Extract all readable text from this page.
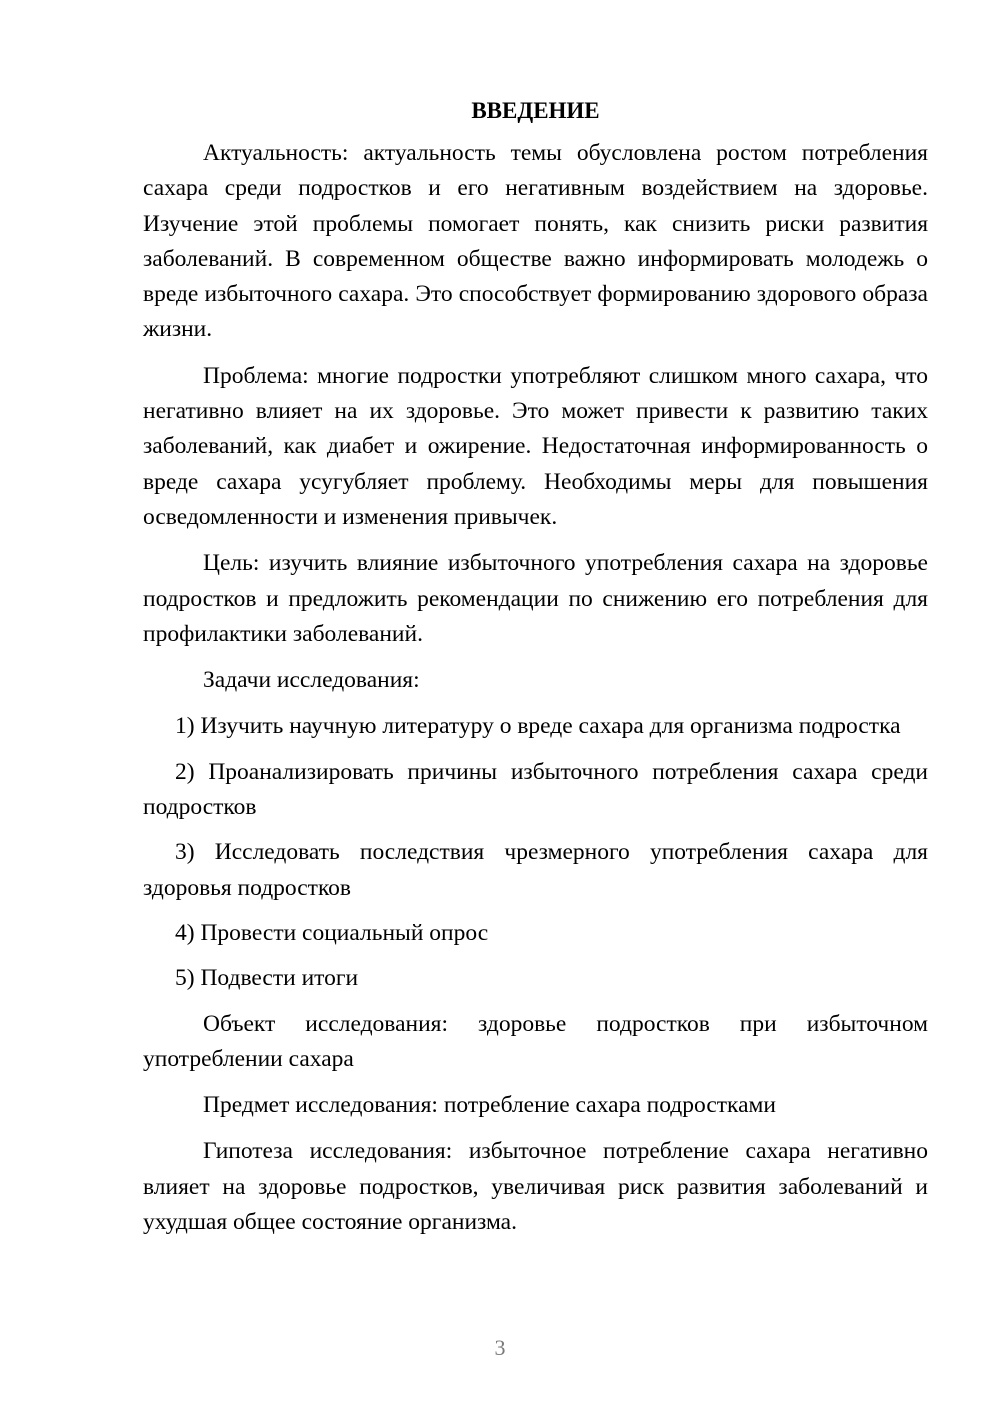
ВВЕДЕНИЕ

Актуальность: актуальность темы обусловлена ростом потребления сахара среди подростков и его негативным воздействием на здоровье. Изучение этой проблемы помогает понять, как снизить риски развития заболеваний. В современном обществе важно информировать молодежь о вреде избыточного сахара. Это способствует формированию здорового образа жизни.

Проблема: многие подростки употребляют слишком много сахара, что негативно влияет на их здоровье. Это может привести к развитию таких заболеваний, как диабет и ожирение. Недостаточная информированность о вреде сахара усугубляет проблему. Необходимы меры для повышения осведомленности и изменения привычек.

Цель: изучить влияние избыточного употребления сахара на здоровье подростков и предложить рекомендации по снижению его потребления для профилактики заболеваний.

Задачи исследования:

1) Изучить научную литературу о вреде сахара для организма подростка

2) Проанализировать причины избыточного потребления сахара среди подростков

3) Исследовать последствия чрезмерного употребления сахара для здоровья подростков

4) Провести социальный опрос

5) Подвести итоги

Объект исследования: здоровье подростков при избыточном употреблении сахара

Предмет исследования: потребление сахара подростками

Гипотеза исследования: избыточное потребление сахара негативно влияет на здоровье подростков, увеличивая риск развития заболеваний и ухудшая общее состояние организма.

3
